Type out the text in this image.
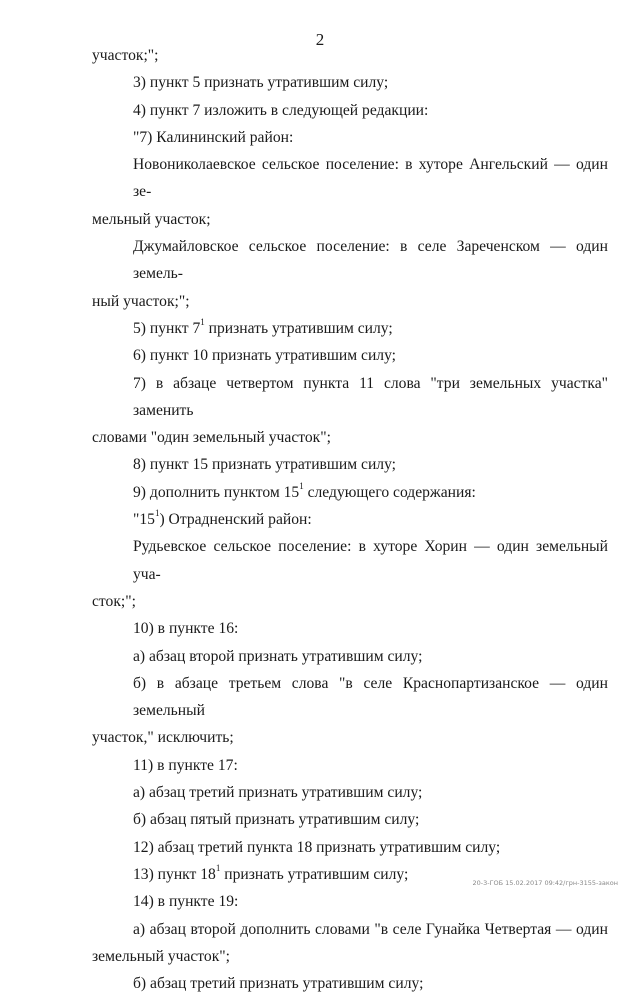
2
участок;";
3) пункт 5 признать утратившим силу;
4) пункт 7 изложить в следующей редакции:
"7) Калининский район:
Новониколаевское сельское поселение: в хуторе Ангельский — один зе-
мельный участок;
Джумайловское сельское поселение: в селе Зареченском — один земель-
ный участок;";
5) пункт $7^1$ признать утратившим силу;
6) пункт 10 признать утратившим силу;
7) в абзаце четвертом пункта 11 слова "три земельных участка" заменить
словами "один земельный участок";
8) пункт 15 признать утратившим силу;
9) дополнить пунктом $15^1$ следующего содержания:
"$15^1$) Отрадненский район:
Рудьевское сельское поселение: в хуторе Хорин — один земельный уча-
сток;";
10) в пункте 16:
а) абзац второй признать утратившим силу;
б) в абзаце третьем слова "в селе Краснопартизанское — один земельный
участок," исключить;
11) в пункте 17:
а) абзац третий признать утратившим силу;
б) абзац пятый признать утратившим силу;
12) абзац третий пункта 18 признать утратившим силу;
13) пункт $18^1$ признать утратившим силу;
14) в пункте 19:
а) абзац второй дополнить словами "в селе Гунайка Четвертая — один
земельный участок";
б) абзац третий признать утратившим силу;
20-3-ГОБ 15.02.2017 09:42/грн-3155-закон
